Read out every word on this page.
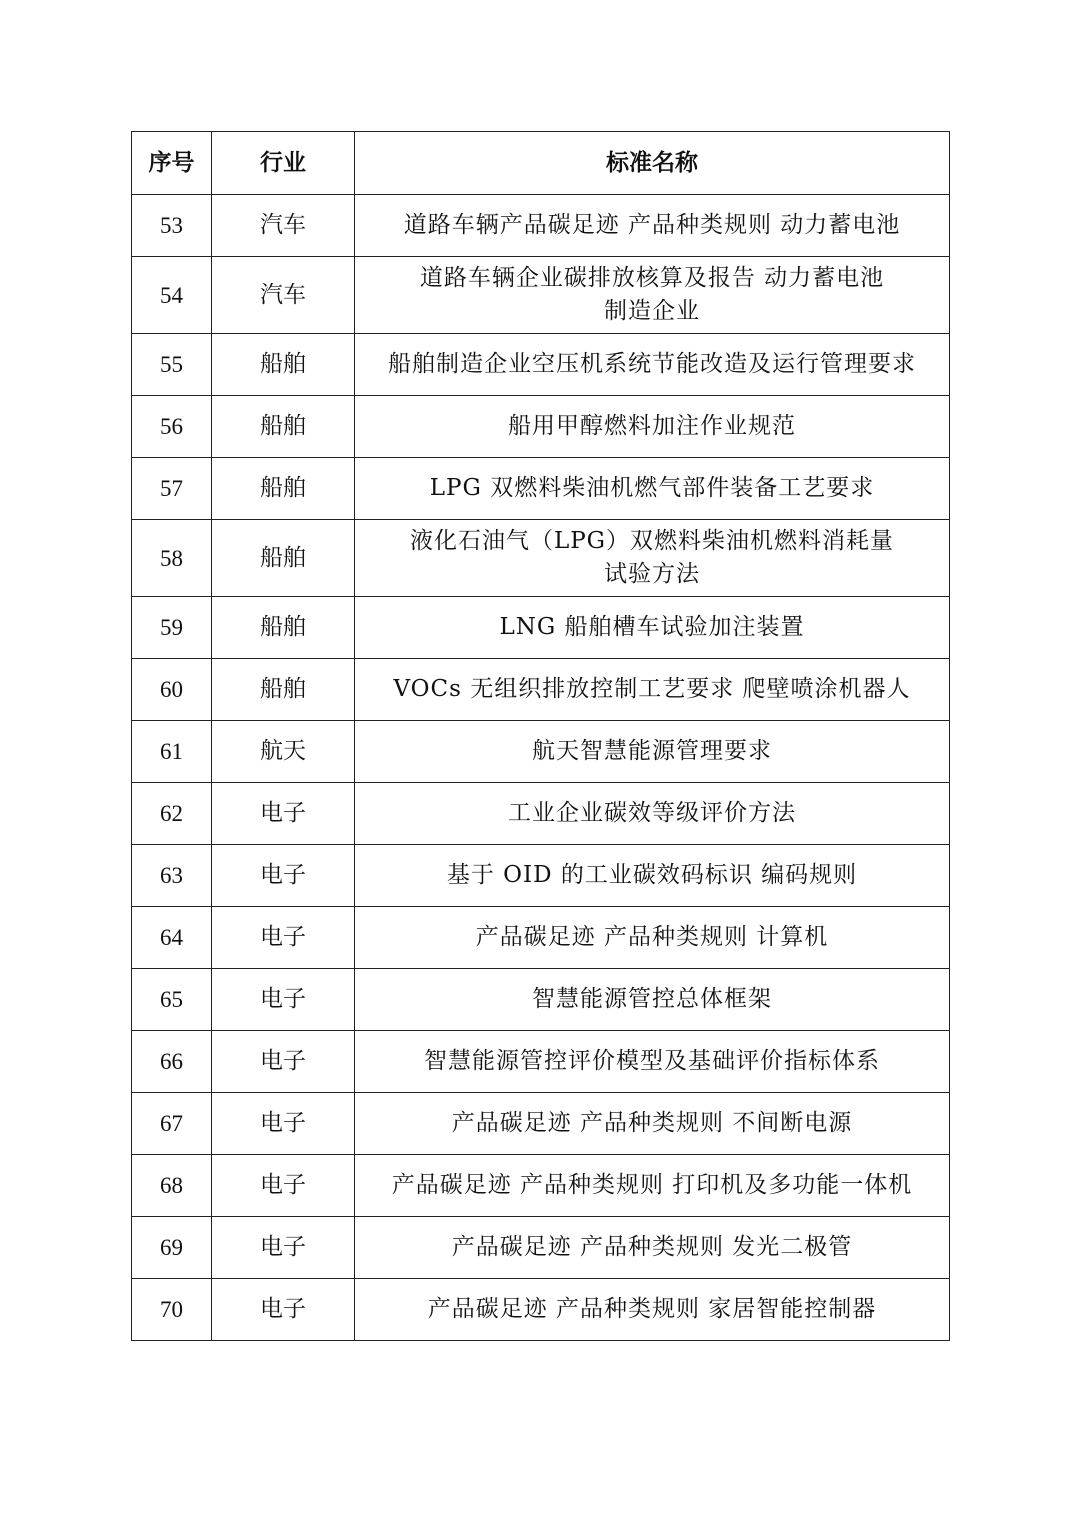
序号	行业	标准名称
53	汽车	道路车辆产品碳足迹 产品种类规则 动力蓄电池
54	汽车	道路车辆企业碳排放核算及报告 动力蓄电池
制造企业
55	船舶	船舶制造企业空压机系统节能改造及运行管理要求
56	船舶	船用甲醇燃料加注作业规范
57	船舶	LPG 双燃料柴油机燃气部件装备工艺要求
58	船舶	液化石油气（LPG）双燃料柴油机燃料消耗量
试验方法
59	船舶	LNG 船舶槽车试验加注装置
60	船舶	VOCs 无组织排放控制工艺要求 爬壁喷涂机器人
61	航天	航天智慧能源管理要求
62	电子	工业企业碳效等级评价方法
63	电子	基于 OID 的工业碳效码标识 编码规则
64	电子	产品碳足迹 产品种类规则 计算机
65	电子	智慧能源管控总体框架
66	电子	智慧能源管控评价模型及基础评价指标体系
67	电子	产品碳足迹 产品种类规则 不间断电源
68	电子	产品碳足迹 产品种类规则 打印机及多功能一体机
69	电子	产品碳足迹 产品种类规则 发光二极管
70	电子	产品碳足迹 产品种类规则 家居智能控制器
